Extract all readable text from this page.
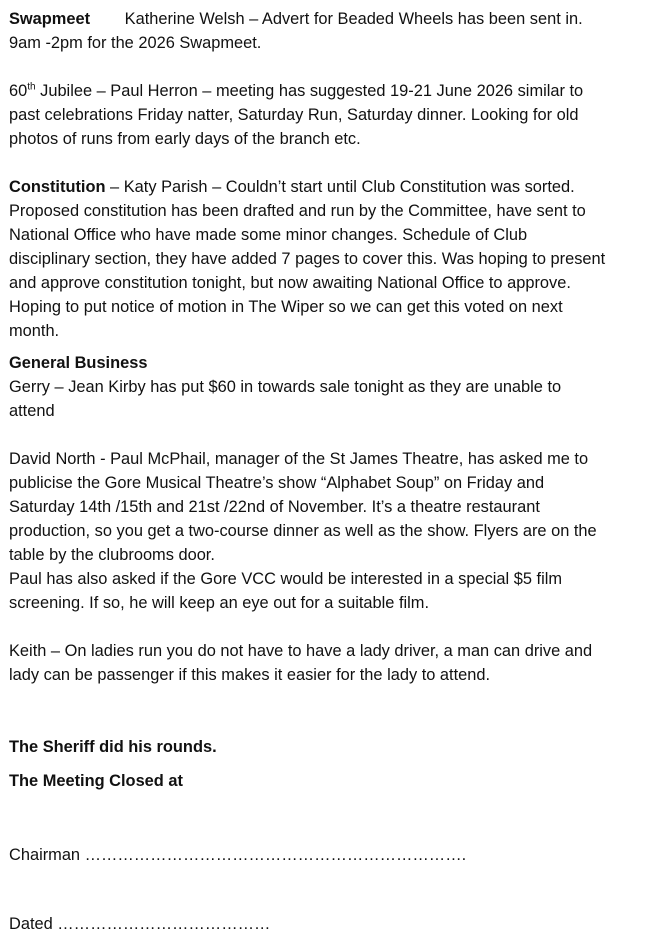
Swapmeet Katherine Welsh – Advert for Beaded Wheels has been sent in.

9am -2pm for the 2026 Swapmeet.

60th Jubilee – Paul Herron – meeting has suggested 19-21 June 2026 similar to

past celebrations Friday natter, Saturday Run, Saturday dinner. Looking for old

photos of runs from early days of the branch etc.

Constitution – Katy Parish – Couldn’t start until Club Constitution was sorted.

Proposed constitution has been drafted and run by the Committee, have sent to

National Office who have made some minor changes. Schedule of Club

disciplinary section, they have added 7 pages to cover this. Was hoping to present

and approve constitution tonight, but now awaiting National Office to approve.

Hoping to put notice of motion in The Wiper so we can get this voted on next

month.

General Business

Gerry – Jean Kirby has put $60 in towards sale tonight as they are unable to

attend

David North - Paul McPhail, manager of the St James Theatre, has asked me to

publicise the Gore Musical Theatre’s show “Alphabet Soup” on Friday and

Saturday 14th /15th and 21st /22nd of November. It’s a theatre restaurant

production, so you get a two-course dinner as well as the show. Flyers are on the

table by the clubrooms door.

Paul has also asked if the Gore VCC would be interested in a special $5 film

screening. If so, he will keep an eye out for a suitable film.

Keith – On ladies run you do not have to have a lady driver, a man can drive and

lady can be passenger if this makes it easier for the lady to attend.

The Sheriff did his rounds.

The Meeting Closed at

Chairman …………………………………………………………….

Dated …………………………………
